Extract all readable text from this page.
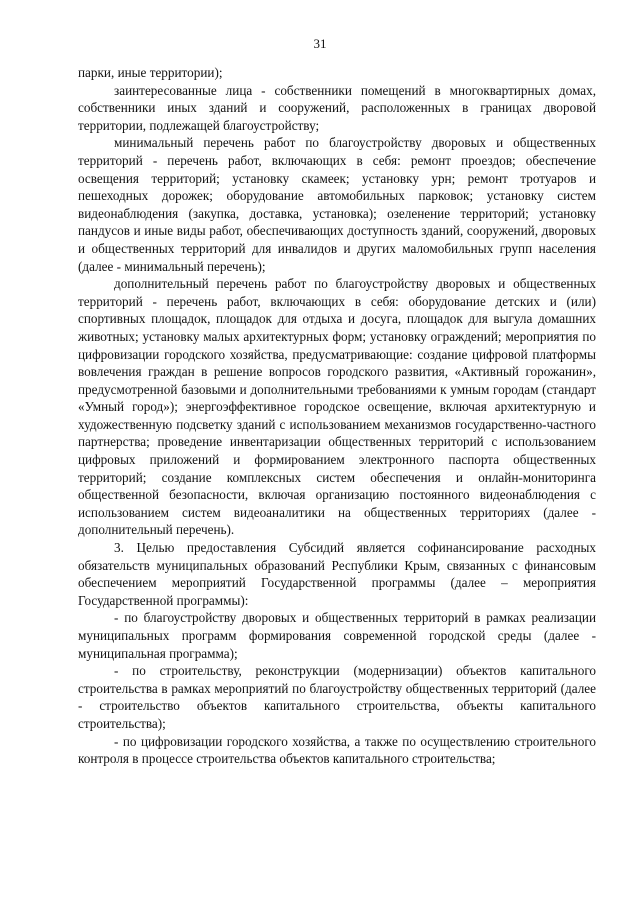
31

парки, иные территории);

заинтересованные лица - собственники помещений в многоквартирных домах, собственники иных зданий и сооружений, расположенных в границах дворовой территории, подлежащей благоустройству;

минимальный перечень работ по благоустройству дворовых и общественных территорий - перечень работ, включающих в себя: ремонт проездов; обеспечение освещения территорий; установку скамеек; установку урн; ремонт тротуаров и пешеходных дорожек; оборудование автомобильных парковок; установку систем видеонаблюдения (закупка, доставка, установка); озеленение территорий; установку пандусов и иные виды работ, обеспечивающих доступность зданий, сооружений, дворовых и общественных территорий для инвалидов и других маломобильных групп населения (далее - минимальный перечень);

дополнительный перечень работ по благоустройству дворовых и общественных территорий - перечень работ, включающих в себя: оборудование детских и (или) спортивных площадок, площадок для отдыха и досуга, площадок для выгула домашних животных; установку малых архитектурных форм; установку ограждений; мероприятия по цифровизации городского хозяйства, предусматривающие: создание цифровой платформы вовлечения граждан в решение вопросов городского развития, «Активный горожанин», предусмотренной базовыми и дополнительными требованиями к умным городам (стандарт «Умный город»); энергоэффективное городское освещение, включая архитектурную и художественную подсветку зданий с использованием механизмов государственно-частного партнерства; проведение инвентаризации общественных территорий с использованием цифровых приложений и формированием электронного паспорта общественных территорий; создание комплексных систем обеспечения и онлайн-мониторинга общественной безопасности, включая организацию постоянного видеонаблюдения с использованием систем видеоаналитики на общественных территориях (далее - дополнительный перечень).

3. Целью предоставления Субсидий является софинансирование расходных обязательств муниципальных образований Республики Крым, связанных с финансовым обеспечением мероприятий Государственной программы (далее – мероприятия Государственной программы):

- по благоустройству дворовых и общественных территорий в рамках реализации муниципальных программ формирования современной городской среды (далее - муниципальная программа);

- по строительству, реконструкции (модернизации) объектов капитального строительства в рамках мероприятий по благоустройству общественных территорий (далее - строительство объектов капитального строительства, объекты капитального строительства);

- по цифровизации городского хозяйства, а также по осуществлению строительного контроля в процессе строительства объектов капитального строительства;
